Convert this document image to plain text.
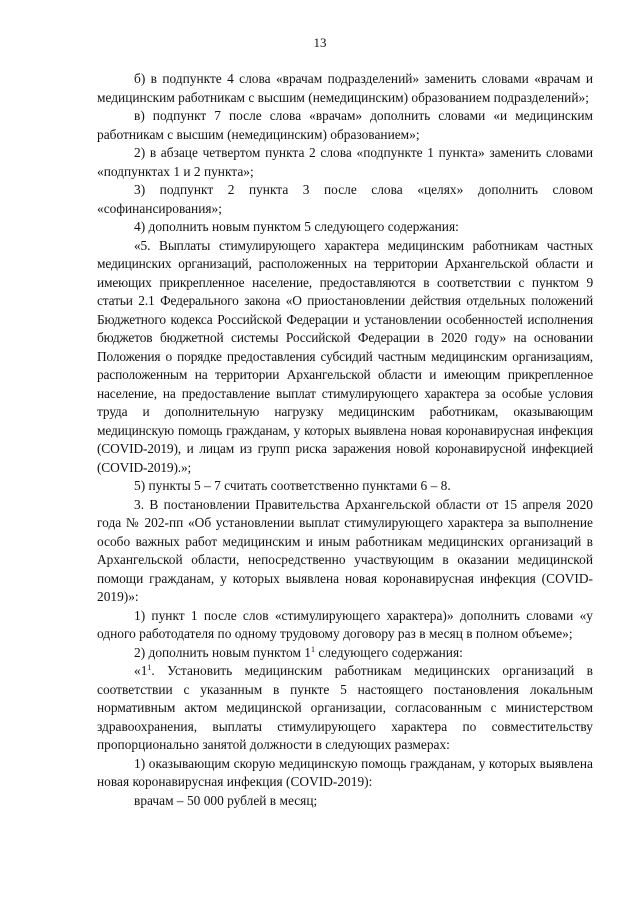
13

б) в подпункте 4 слова «врачам подразделений» заменить словами «врачам и медицинским работникам с высшим (немедицинским) образованием подразделений»;

в) подпункт 7 после слова «врачам» дополнить словами «и медицинским работникам с высшим (немедицинским) образованием»;

2) в абзаце четвертом пункта 2 слова «подпункте 1 пункта» заменить словами «подпунктах 1 и 2 пункта»;

3) подпункт 2 пункта 3 после слова «целях» дополнить словом «софинансирования»;

4) дополнить новым пунктом 5 следующего содержания:

«5. Выплаты стимулирующего характера медицинским работникам частных медицинских организаций, расположенных на территории Архангельской области и имеющих прикрепленное население, предоставляются в соответствии с пунктом 9 статьи 2.1 Федерального закона «О приостановлении действия отдельных положений Бюджетного кодекса Российской Федерации и установлении особенностей исполнения бюджетов бюджетной системы Российской Федерации в 2020 году» на основании Положения о порядке предоставления субсидий частным медицинским организациям, расположенным на территории Архангельской области и имеющим прикрепленное население, на предоставление выплат стимулирующего характера за особые условия труда и дополнительную нагрузку медицинским работникам, оказывающим медицинскую помощь гражданам, у которых выявлена новая коронавирусная инфекция (COVID-2019), и лицам из групп риска заражения новой коронавирусной инфекцией (COVID-2019).»;

5) пункты 5 – 7 считать соответственно пунктами 6 – 8.

3. В постановлении Правительства Архангельской области от 15 апреля 2020 года № 202-пп «Об установлении выплат стимулирующего характера за выполнение особо важных работ медицинским и иным работникам медицинских организаций в Архангельской области, непосредственно участвующим в оказании медицинской помощи гражданам, у которых выявлена новая коронавирусная инфекция (COVID-2019)»:

1) пункт 1 после слов «стимулирующего характера)» дополнить словами «у одного работодателя по одному трудовому договору раз в месяц в полном объеме»;

2) дополнить новым пунктом $1^1$ следующего содержания:

«$1^1$. Установить медицинским работникам медицинских организаций в соответствии с указанным в пункте 5 настоящего постановления локальным нормативным актом медицинской организации, согласованным с министерством здравоохранения, выплаты стимулирующего характера по совместительству пропорционально занятой должности в следующих размерах:

1) оказывающим скорую медицинскую помощь гражданам, у которых выявлена новая коронавирусная инфекция (COVID-2019):

врачам – 50 000 рублей в месяц;
